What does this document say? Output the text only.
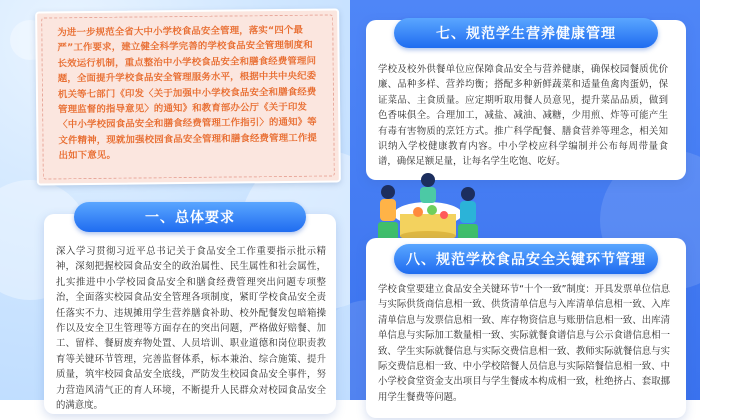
为进一步规范全省大中小学校食品安全管理，落实“四个最严”工作要求，建立健全科学完善的学校食品安全管理制度和长效运行机制，重点整治中小学校食品安全和膳食经费管理问题，全面提升学校食品安全管理服务水平，根据中共中央纪委机关等七部门《印发〈关于加强中小学校食品安全和膳食经费管理监督的指导意见〉的通知》和教育部办公厅《关于印发〈中小学校园食品安全和膳食经费管理工作指引〉的通知》等文件精神，现就加强校园食品安全管理和膳食经费管理工作提出如下意见。

一、总体要求

深入学习贯彻习近平总书记关于食品安全工作重要指示批示精神，深刻把握校园食品安全的政治属性、民生属性和社会属性，扎实推进中小学校园食品安全和膳食经费管理突出问题专项整治，全面落实校园食品安全管理各项制度，紧盯学校食品安全责任落实不力、违规摊用学生营养膳食补助、校外配餐发包暗箱操作以及安全卫生管理等方面存在的突出问题，严格做好赔餐、加工、留样、餐厨废弃物处置、人员培训、职业道德和岗位职责教育等关键环节管理，完善监督体系，标本兼治、综合施策、提升质量，筑牢校园食品安全底线，严防发生校园食品安全事件，努力营造风清气正的育人环境，不断提升人民群众对校园食品安全的满意度。

七、规范学生营养健康管理

学校及校外供餐单位应保障食品安全与营养健康，确保校园餐质优价廉、品种多样、营养均衡；搭配多种新鲜蔬菜和适量鱼禽肉蛋奶，保证菜品、主食质量。应定期听取用餐人员意见，提升菜品品质，做到色香味俱全。合理加工，减盐、减油、减糖，少用煎、炸等可能产生有毒有害物质的烹饪方式。推广科学配餐、膳食营养等理念，相关知识纳入学校健康教育内容。中小学校应科学编制并公布每周带量食谱，确保足额足量，让每名学生吃饱、吃好。

八、规范学校食品安全关键环节管理

学校食堂要建立食品安全关键环节“十个一致”制度：开具发票单位信息与实际供货商信息相一致、供货清单信息与入库清单信息相一致、入库清单信息与发票信息相一致、库存物资信息与账册信息相一致、出库清单信息与实际加工数量相一致、实际就餐食谱信息与公示食谱信息相一致、学生实际就餐信息与实际交费信息相一致、教师实际就餐信息与实际交费信息相一致、中小学校陪餐人员信息与实际陪餐信息相一致、中小学校食堂资金支出项目与学生餐成本构成相一致，杜绝挤占、套取挪用学生餐费等问题。
